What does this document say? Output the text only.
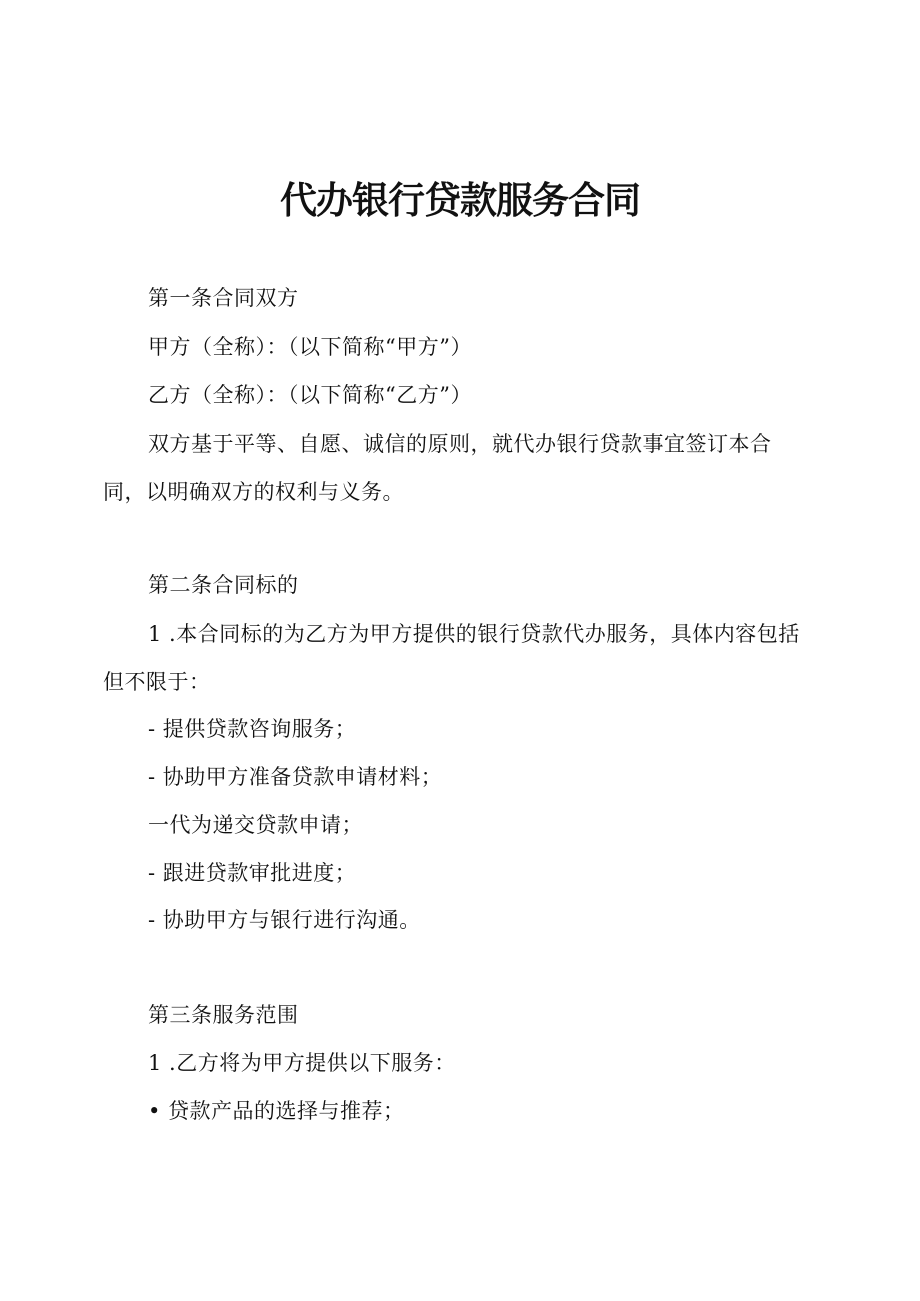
代办银行贷款服务合同
第一条合同双方
甲方（全称）：（以下简称“甲方”）
乙方（全称）：（以下简称“乙方”）
双方基于平等、自愿、诚信的原则，就代办银行贷款事宜签订本合
同，以明确双方的权利与义务。
第二条合同标的
1 .本合同标的为乙方为甲方提供的银行贷款代办服务，具体内容包括
但不限于：
- 提供贷款咨询服务；
- 协助甲方准备贷款申请材料；
一代为递交贷款申请；
- 跟进贷款审批进度；
- 协助甲方与银行进行沟通。
第三条服务范围
1 .乙方将为甲方提供以下服务：
• 贷款产品的选择与推荐；
